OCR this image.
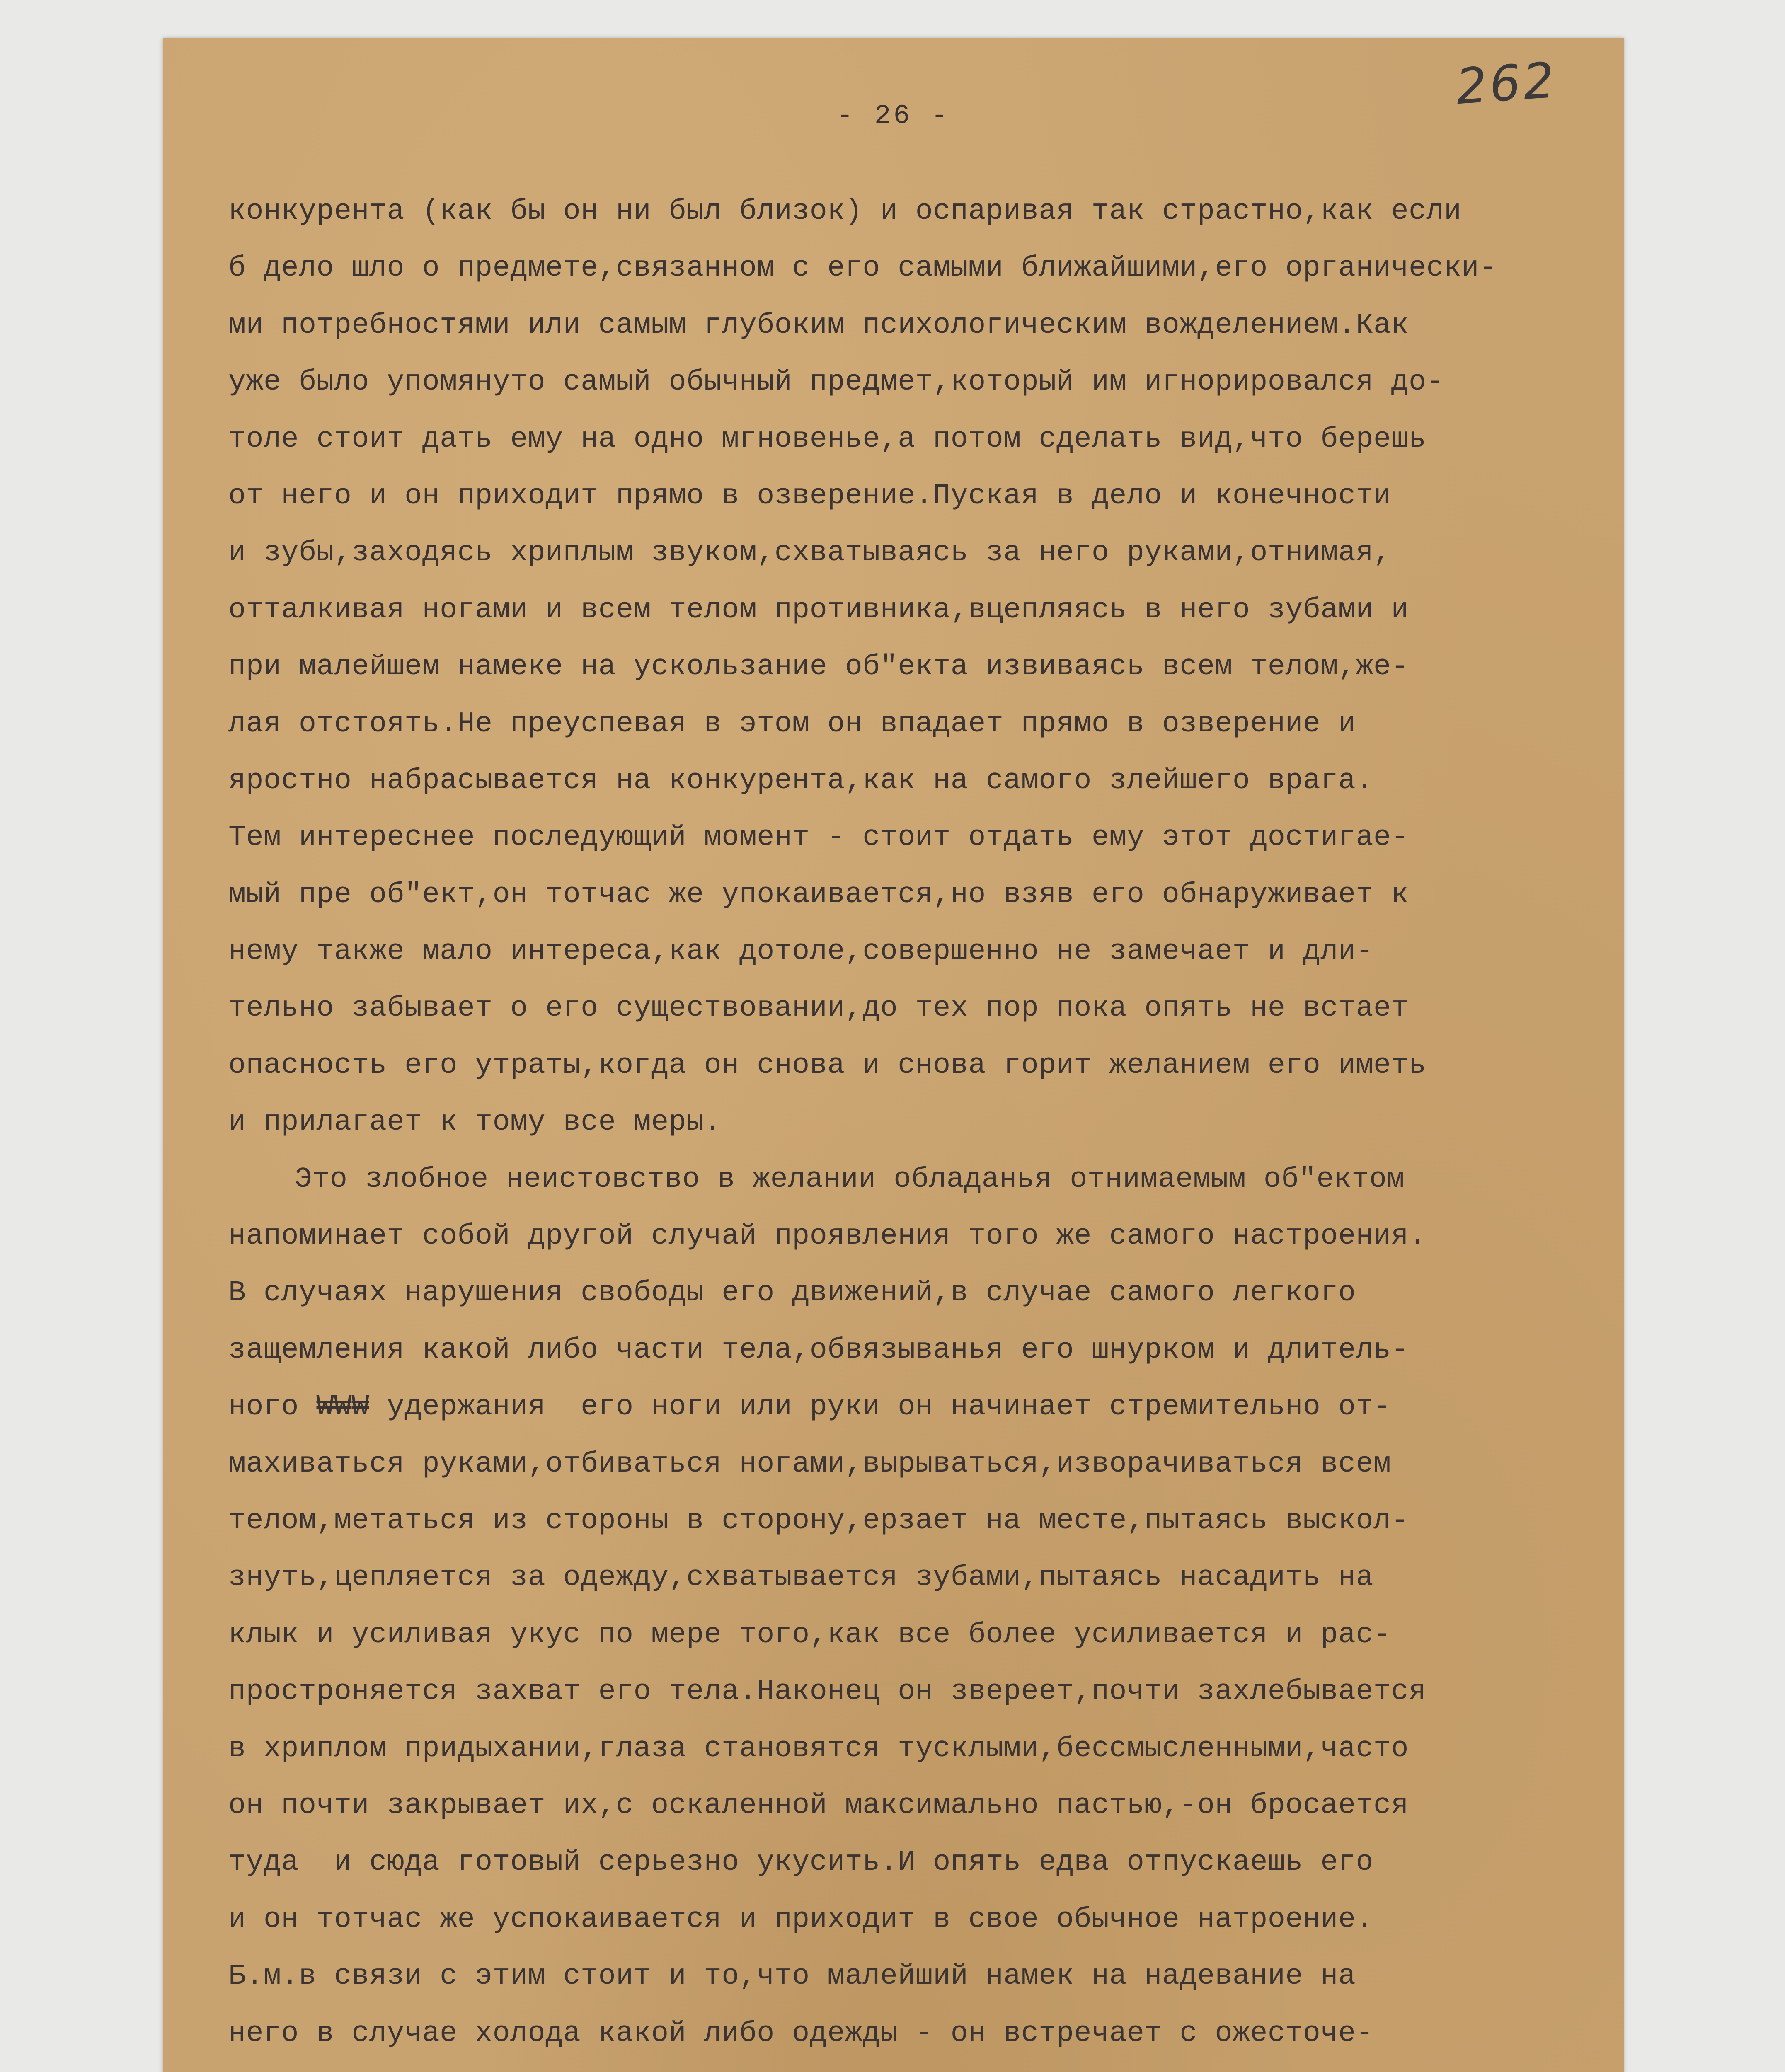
262
- 26 -
конкурента (как бы он ни был близок) и оспаривая так страстно,как если
б дело шло о предмете,связанном с его самыми ближайшими,его органически-
ми потребностями или самым глубоким психологическим вожделением.Как
уже было упомянуто самый обычный предмет,который им игнорировался до-
толе стоит дать ему на одно мгновенье,а потом сделать вид,что берешь
от него и он приходит прямо в озверение.Пуская в дело и конечности
и зубы,заходясь хриплым звуком,схватываясь за него руками,отнимая,
отталкивая ногами и всем телом противника,вцепляясь в него зубами и
при малейшем намеке на ускользание об"екта извиваясь всем телом,же-
лая отстоять.Не преуспевая в этом он впадает прямо в озверение и
яростно набрасывается на конкурента,как на самого злейшего врага.
Тем интереснее последующий момент - стоит отдать ему этот достигае-
мый пре об"ект,он тотчас же упокаивается,но взяв его обнаруживает к
нему также мало интереса,как дотоле,совершенно не замечает и дли-
тельно забывает о его существовании,до тех пор пока опять не встает
опасность его утраты,когда он снова и снова горит желанием его иметь
и прилагает к тому все меры.
Это злобное неистовство в желании обладанья отнимаемым об"ектом
напоминает собой другой случай проявления того же самого настроения.
В случаях нарушения свободы его движений,в случае самого легкого
защемления какой либо части тела,обвязыванья его шнурком и длитель-
ного ₩₩₩ удержания  его ноги или руки он начинает стремительно от-
махиваться руками,отбиваться ногами,вырываться,изворачиваться всем
телом,метаться из стороны в сторону,ерзает на месте,пытаясь выскол-
знуть,цепляется за одежду,схватывается зубами,пытаясь насадить на
клык и усиливая укус по мере того,как все более усиливается и рас-
простроняется захват его тела.Наконец он звереет,почти захлебывается
в хриплом придыхании,глаза становятся тусклыми,бессмысленными,часто
он почти закрывает их,с оскаленной максимально пастью,-он бросается
туда  и сюда готовый серьезно укусить.И опять едва отпускаешь его
и он тотчас же успокаивается и приходит в свое обычное натроение.
Б.м.в связи с этим стоит и то,что малейший намек на надевание на
него в случае холода какой либо одежды - он встречает с ожесточе-
